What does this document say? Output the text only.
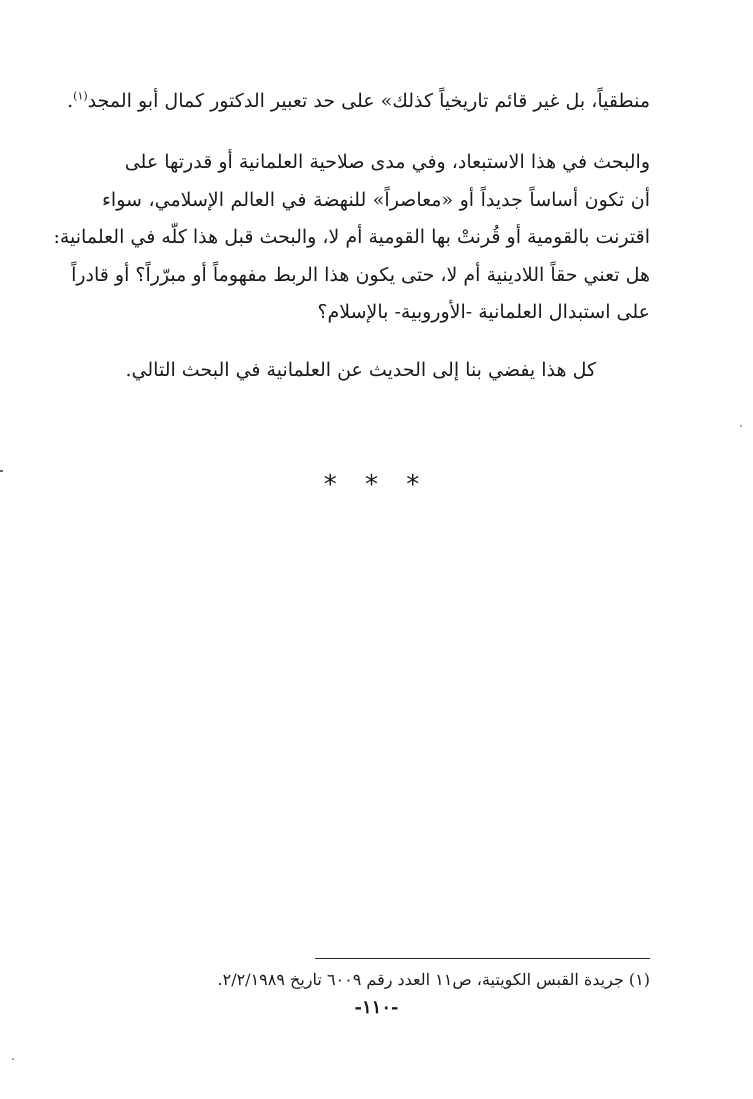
منطقياً، بل غير قائم تاريخياً كذلك» على حد تعبير الدكتور كمال أبو المجد$^{(١)}$.
والبحث في هذا الاستبعاد، وفي مدى صلاحية العلمانية أو قدرتها على
أن تكون أساساً جديداً أو «معاصراً» للنهضة في العالم الإسلامي، سواء
اقترنت بالقومية أو قُرنتْ بها القومية أم لا، والبحث قبل هذا كلّه في العلمانية:
هل تعني حقاً اللادينية أم لا، حتى يكون هذا الربط مفهوماً أو مبرّراً؟ أو قادراً
على استبدال العلمانية -الأوروبية- بالإسلام؟
كل هذا يفضي بنا إلى الحديث عن العلمانية في البحث التالي.
* * *
(١) جريدة القبس الكويتية، ص١١ العدد رقم ٦٠٠٩ تاريخ ٢/٢/١٩٨٩.
-١١٠-
